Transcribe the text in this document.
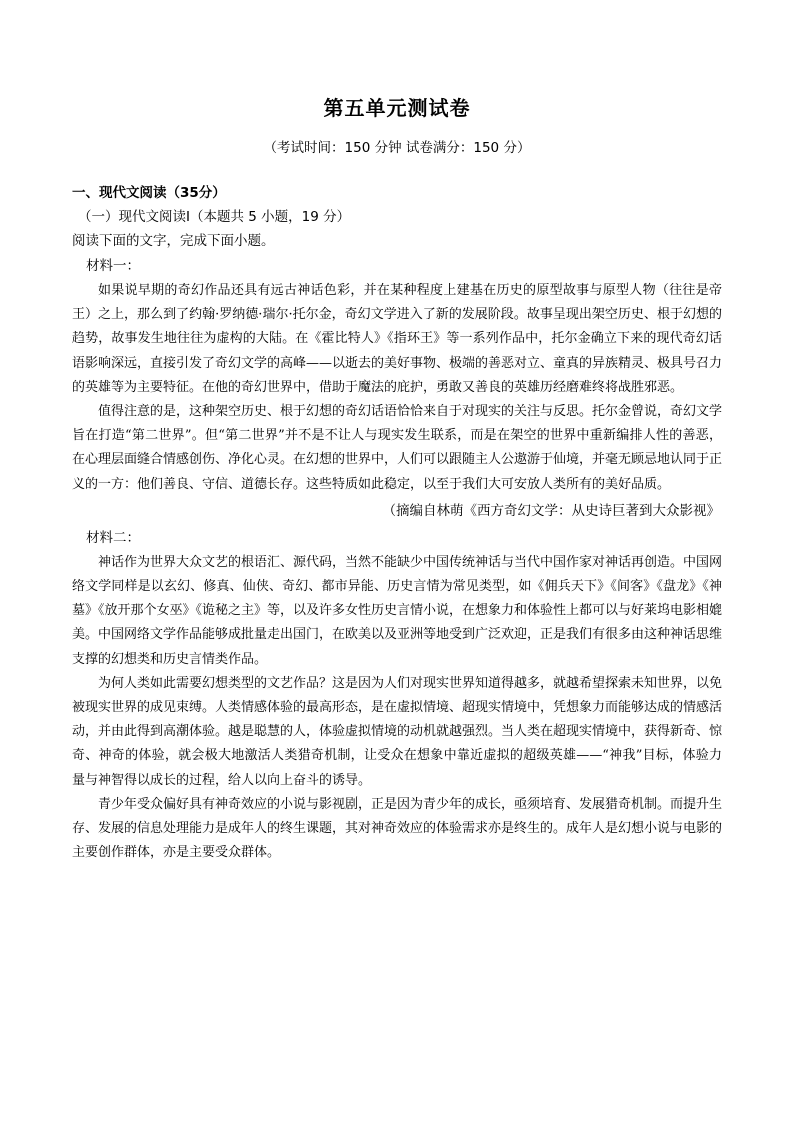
第五单元测试卷
（考试时间：150 分钟 试卷满分：150 分）
一、现代文阅读（35分）
（一）现代文阅读Ⅰ（本题共 5 小题，19 分）
阅读下面的文字，完成下面小题。
材料一：

如果说早期的奇幻作品还具有远古神话色彩，并在某种程度上建基在历史的原型故事与原型人物（往往是帝王）之上，那么到了约翰·罗纳德·瑞尔·托尔金，奇幻文学进入了新的发展阶段。故事呈现出架空历史、根于幻想的趋势，故事发生地往往为虚构的大陆。在《霍比特人》《指环王》等一系列作品中，托尔金确立下来的现代奇幻话语影响深远，直接引发了奇幻文学的高峰——以逝去的美好事物、极端的善恶对立、童真的异族精灵、极具号召力的英雄等为主要特征。在他的奇幻世界中，借助于魔法的庇护，勇敢又善良的英雄历经磨难终将战胜邪恶。

值得注意的是，这种架空历史、根于幻想的奇幻话语恰恰来自于对现实的关注与反思。托尔金曾说，奇幻文学旨在打造“第二世界”。但“第二世界”并不是不让人与现实发生联系，而是在架空的世界中重新编排人性的善恶，在心理层面缝合情感创伤、净化心灵。在幻想的世界中，人们可以跟随主人公遨游于仙境，并毫无顾忌地认同于正义的一方：他们善良、守信、道德长存。这些特质如此稳定，以至于我们大可安放人类所有的美好品质。

（摘编自林萌《西方奇幻文学：从史诗巨著到大众影视》
材料二：

神话作为世界大众文艺的根语汇、源代码，当然不能缺少中国传统神话与当代中国作家对神话再创造。中国网络文学同样是以玄幻、修真、仙侠、奇幻、都市异能、历史言情为常见类型，如《佣兵天下》《间客》《盘龙》《神墓》《放开那个女巫》《诡秘之主》等，以及许多女性历史言情小说，在想象力和体验性上都可以与好莱坞电影相媲美。中国网络文学作品能够成批量走出国门，在欧美以及亚洲等地受到广泛欢迎，正是我们有很多由这种神话思维支撑的幻想类和历史言情类作品。

为何人类如此需要幻想类型的文艺作品？这是因为人们对现实世界知道得越多，就越希望探索未知世界，以免被现实世界的成见束缚。人类情感体验的最高形态，是在虚拟情境、超现实情境中，凭想象力而能够达成的情感活动，并由此得到高潮体验。越是聪慧的人，体验虚拟情境的动机就越强烈。当人类在超现实情境中，获得新奇、惊奇、神奇的体验，就会极大地激活人类猎奇机制，让受众在想象中靠近虚拟的超级英雄——“神我”目标，体验力量与神智得以成长的过程，给人以向上奋斗的诱导。

青少年受众偏好具有神奇效应的小说与影视剧，正是因为青少年的成长，亟须培育、发展猎奇机制。而提升生存、发展的信息处理能力是成年人的终生课题，其对神奇效应的体验需求亦是终生的。成年人是幻想小说与电影的主要创作群体，亦是主要受众群体。
